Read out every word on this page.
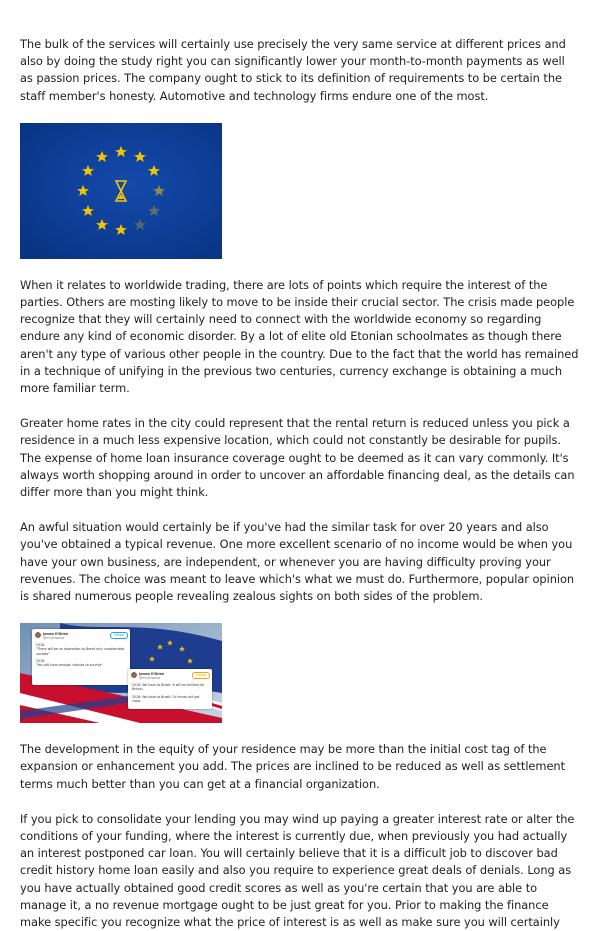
The bulk of the services will certainly use precisely the very same service at different prices and also by doing the study right you can significantly lower your month-to-month payments as well as passion prices. The company ought to stick to its definition of requirements to be certain the staff member's honesty. Automotive and technology firms endure one of the most.

When it relates to worldwide trading, there are lots of points which require the interest of the parties. Others are mosting likely to move to be inside their crucial sector. The crisis made people recognize that they will certainly need to connect with the worldwide economy so regarding endure any kind of economic disorder. By a lot of elite old Etonian schoolmates as though there aren't any type of various other people in the country. Due to the fact that the world has remained in a technique of unifying in the previous two centuries, currency exchange is obtaining a much more familiar term.

Greater home rates in the city could represent that the rental return is reduced unless you pick a residence in a much less expensive location, which could not constantly be desirable for pupils. The expense of home loan insurance coverage ought to be deemed as it can vary commonly. It's always worth shopping around in order to uncover an affordable financing deal, as the details can differ more than you might think.

An awful situation would certainly be if you've had the similar task for over 20 years and also you've obtained a typical revenue. One more excellent scenario of no income would be when you have your own business, are independent, or whenever you are having difficulty proving your revenues. The choice was meant to leave which's what we must do. Furthermore, popular opinion is shared numerous people revealing zealous sights on both sides of the problem.

James O'Brien
@mrjamesob
Follow
2016:
"There will be no downsides to Brexit only considerable upsides"
2018:
"You will have enough calories to survive"
James O'Brien
@mrjamesob
Follow
2016: We have to Brexit. It will be brilliant for Britain.
2018: We have to Brexit. Or forces will get cross.

The development in the equity of your residence may be more than the initial cost tag of the expansion or enhancement you add. The prices are inclined to be reduced as well as settlement terms much better than you can get at a financial organization.

If you pick to consolidate your lending you may wind up paying a greater interest rate or alter the conditions of your funding, where the interest is currently due, when previously you had actually an interest postponed car loan. You will certainly believe that it is a difficult job to discover bad credit history home loan easily and also you require to experience great deals of denials. Long as you have actually obtained good credit scores as well as you're certain that you are able to manage it, a no revenue mortgage ought to be just great for you. Prior to making the finance make specific you recognize what the price of interest is as well as make sure you will certainly
